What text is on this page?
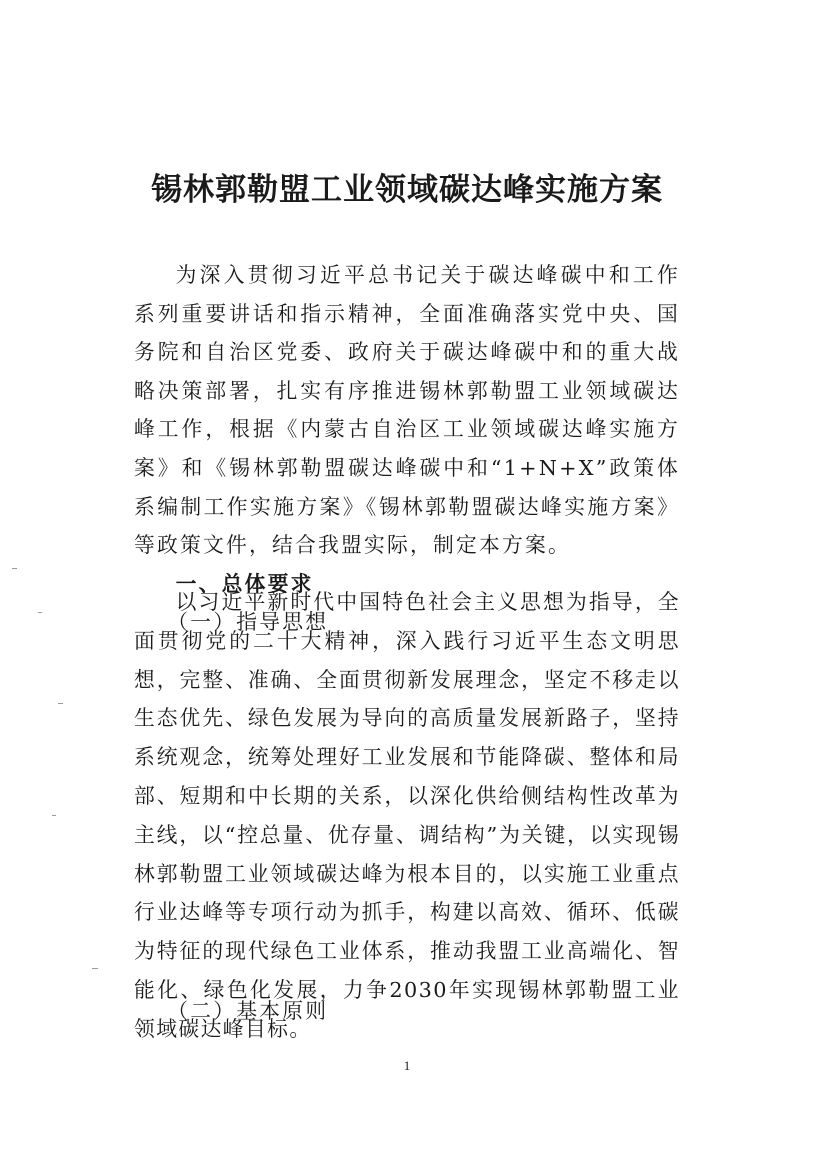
锡林郭勒盟工业领域碳达峰实施方案

为深入贯彻习近平总书记关于碳达峰碳中和工作系列重要讲话和指示精神，全面准确落实党中央、国务院和自治区党委、政府关于碳达峰碳中和的重大战略决策部署，扎实有序推进锡林郭勒盟工业领域碳达峰工作，根据《内蒙古自治区工业领域碳达峰实施方案》和《锡林郭勒盟碳达峰碳中和“1+N+X”政策体系编制工作实施方案》《锡林郭勒盟碳达峰实施方案》等政策文件，结合我盟实际，制定本方案。

一、总体要求

（一）指导思想

以习近平新时代中国特色社会主义思想为指导，全面贯彻党的二十大精神，深入践行习近平生态文明思想，完整、准确、全面贯彻新发展理念，坚定不移走以生态优先、绿色发展为导向的高质量发展新路子，坚持系统观念，统筹处理好工业发展和节能降碳、整体和局部、短期和中长期的关系，以深化供给侧结构性改革为主线，以“控总量、优存量、调结构”为关键，以实现锡林郭勒盟工业领域碳达峰为根本目的，以实施工业重点行业达峰等专项行动为抓手，构建以高效、循环、低碳为特征的现代绿色工业体系，推动我盟工业高端化、智能化、绿色化发展，力争2030年实现锡林郭勒盟工业领域碳达峰目标。

（二）基本原则

1
